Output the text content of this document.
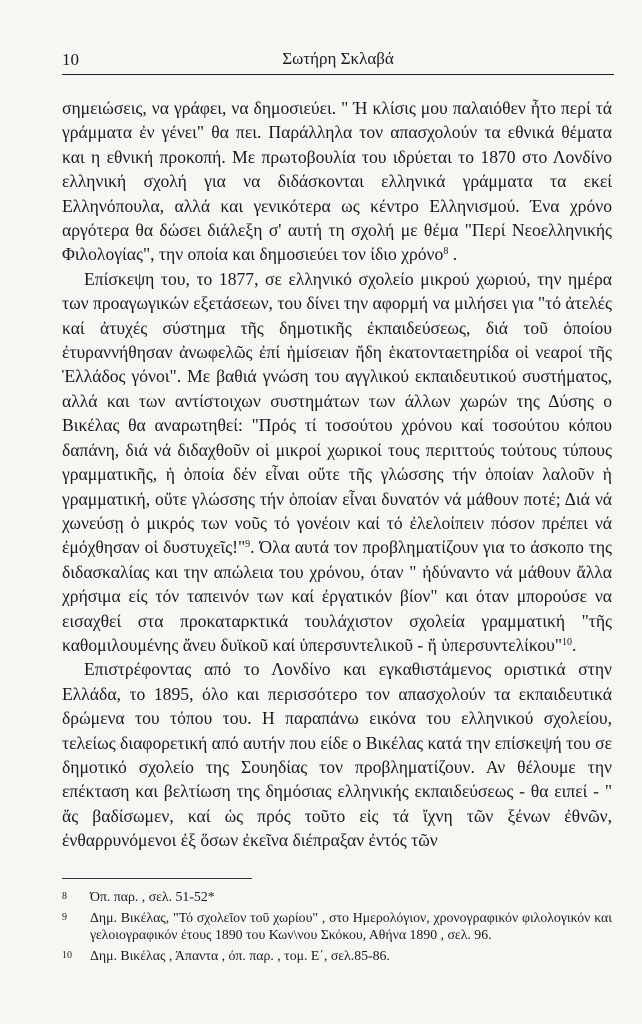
10	Σωτήρη Σκλαβά

σημειώσεις, να γράφει, να δημοσιεύει. " Ή κλίσις μου παλαιόθεν ἦτο περί τά γράμματα ἐν γένει" θα πει. Παράλληλα τον απασχολούν τα εθνικά θέματα και η εθνική προκοπή. Με πρωτοβουλία του ιδρύεται το 1870 στο Λονδίνο ελληνική σχολή για να διδάσκονται ελληνικά γράμματα τα εκεί Ελληνόπουλα, αλλά και γενικότερα ως κέντρο Ελληνισμού. Ένα χρόνο αργότερα θα δώσει διάλεξη σ' αυτή τη σχολή με θέμα "Περί Νεοελληνικής Φιλολογίας", την οποία και δημοσιεύει τον ίδιο χρόνο$^8$ .

Επίσκεψη του, το 1877, σε ελληνικό σχολείο μικρού χωριού, την ημέρα των προαγωγικών εξετάσεων, του δίνει την αφορμή να μιλήσει για "τό ἀτελές καί ἀτυχές σύστημα τῆς δημοτικῆς ἐκπαιδεύσεως, διά τοῦ ὁποίου ἐτυραννήθησαν ἀνωφελῶς ἐπί ἡμίσειαν ἤδη ἑκατονταετηρίδα οἱ νεαροί τῆς Ἑλλάδος γόνοι". Με βαθιά γνώση του αγγλικού εκπαιδευτικού συστήματος, αλλά και των αντίστοιχων συστημάτων των άλλων χωρών της Δύσης ο Βικέλας θα αναρωτηθεί: "Πρός τί τοσούτου χρόνου καί τοσούτου κόπου δαπάνη, διά νά διδαχθοῦν οἱ μικροί χωρικοί τους περιττούς τούτους τύπους γραμματικῆς, ἡ ὁποία δέν εἶναι οὔτε τῆς γλώσσης τήν ὁποίαν λαλοῦν ἡ γραμματική, οὔτε γλώσσης τήν ὁποίαν εἶναι δυνατόν νά μάθουν ποτέ; Διά νά χωνεύσῃ ὁ μικρός των νοῦς τό γονέοιν καί τό ἐλελοίπειν πόσον πρέπει νά ἐμόχθησαν οἱ δυστυχεῖς!"$^9$. Όλα αυτά τον προβληματίζουν για το άσκοπο της διδασκαλίας και την απώλεια του χρόνου, όταν " ἠδύναντο νά μάθουν ἄλλα χρήσιμα είς τόν ταπεινόν των καί ἐργατικόν βίον" και όταν μπορούσε να εισαχθεί στα προκαταρκτικά τουλάχιστον σχολεία γραμματική "τῆς καθομιλουμένης ἄνευ δυϊκοῦ καί ὑπερσυντελικοῦ - ἤ ὑπερσυντελίκου"$^{10}$.

Επιστρέφοντας από το Λονδίνο και εγκαθιστάμενος οριστικά στην Ελλάδα, το 1895, όλο και περισσότερο τον απασχολούν τα εκπαιδευτικά δρώμενα του τόπου του. Η παραπάνω εικόνα του ελληνικού σχολείου, τελείως διαφορετική από αυτήν που είδε ο Βικέλας κατά την επίσκεψή του σε δημοτικό σχολείο της Σουηδίας τον προβληματίζουν. Αν θέλουμε την επέκταση και βελτίωση της δημόσιας ελληνικής εκπαιδεύσεως - θα ειπεί - " ἄς βαδίσωμεν, καί ὡς πρός τοῦτο εἰς τά ἴχνη τῶν ξένων ἐθνῶν, ἐνθαρρυνόμενοι ἐξ ὅσων ἐκεῖνα διέπραξαν ἐντός τῶν

8	Όπ. παρ. , σελ. 51-52*
9	Δημ. Βικέλας, "Τό σχολεῖον τοῦ χωρίου" , στο Ημερολόγιον, χρονογραφικόν φιλολογικόν και γελοιογραφικόν έτους 1890 του Κων\νου Σκόκου, Αθήνα 1890 , σελ. 96.
10	Δημ. Βικέλας , Άπαντα , όπ. παρ. , τομ. Ε΄, σελ.85-86.
